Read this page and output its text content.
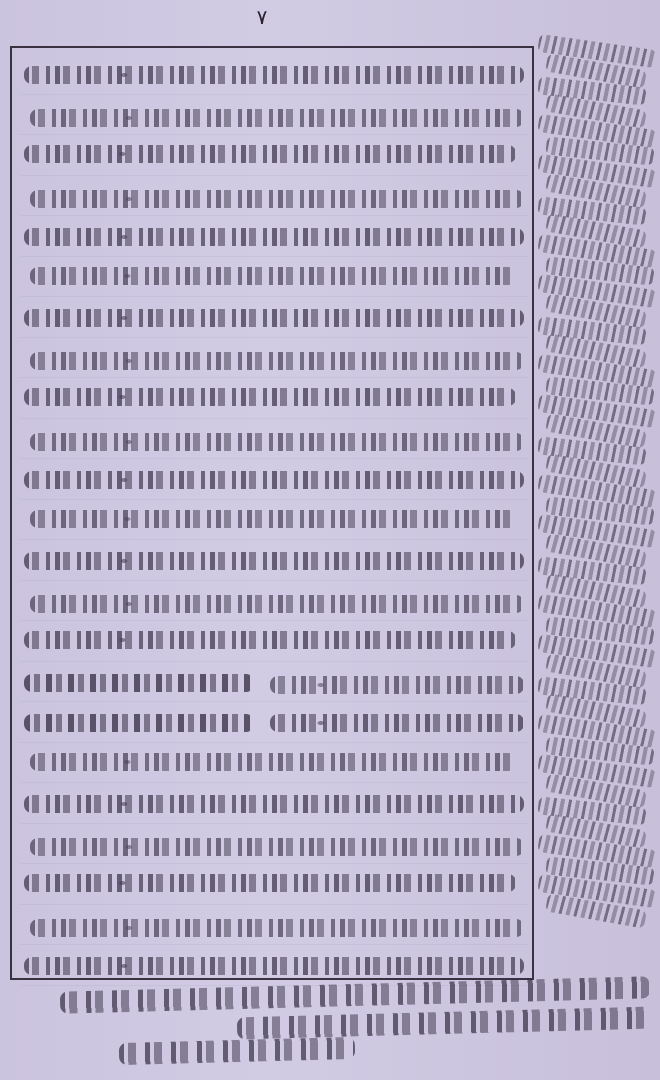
۷
